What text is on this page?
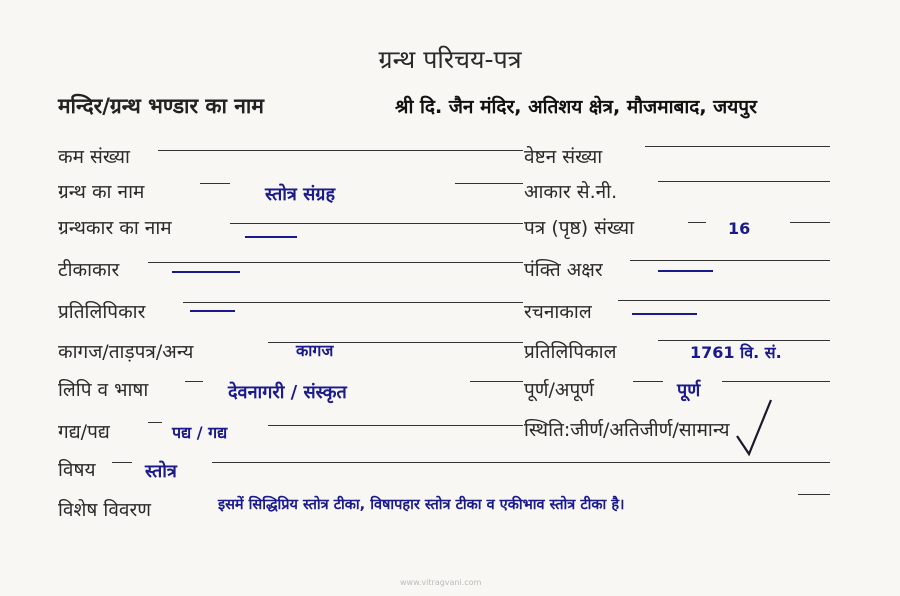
ग्रन्थ परिचय-पत्र
मन्दिर/ग्रन्थ भण्डार का नाम	श्री दि. जैन मंदिर, अतिशय क्षेत्र, मौजमाबाद, जयपुर
कम संख्या	वेष्टन संख्या
ग्रन्थ का नाम	स्तोत्र संग्रह	आकार से.नी.
ग्रन्थकार का नाम	पत्र (पृष्ठ) संख्या	16
टीकाकार	पंक्ति अक्षर
प्रतिलिपिकार	रचनाकाल
कागज/ताड़पत्र/अन्य	कागज	प्रतिलिपिकाल	1761 वि. सं.
लिपि व भाषा	देवनागरी / संस्कृत	पूर्ण/अपूर्ण	पूर्ण
गद्य/पद्य	पद्य / गद्य	स्थिति:जीर्ण/अतिजीर्ण/सामान्य
विषय	स्तोत्र
विशेष विवरण	इसमें सिद्धिप्रिय स्तोत्र टीका, विषापहार स्तोत्र टीका व एकीभाव स्तोत्र टीका है।
www.vitragvani.com
